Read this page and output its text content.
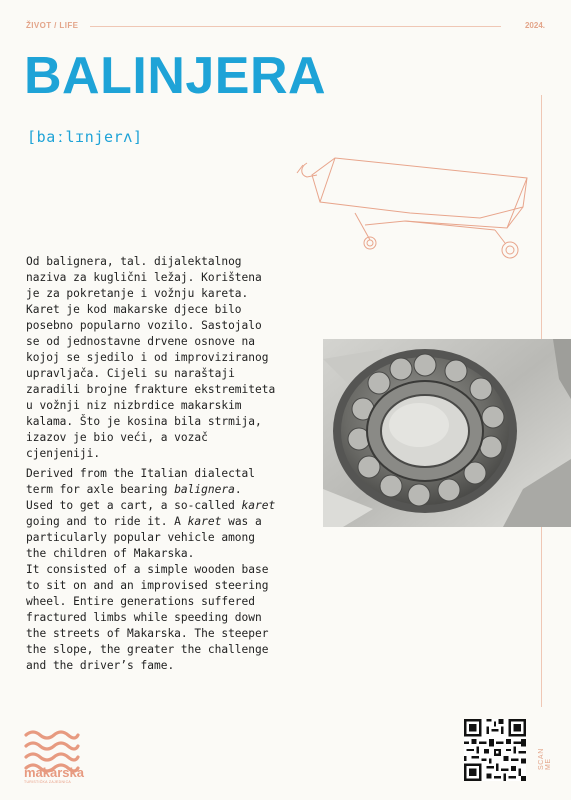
ŽIVOT / LIFE	2024.
BALINJERA
[baːlɪnjerʌ]

Od balignera, tal. dijalektalnog
naziva za kuglični ležaj. Korištena
je za pokretanje i vožnju kareta.
Karet je kod makarske djece bilo
posebno popularno vozilo. Sastojalo
se od jednostavne drvene osnove na
kojoj se sjedilo i od improviziranog
upravljača. Cijeli su naraštaji
zaradili brojne frakture ekstremiteta
u vožnji niz nizbrdice makarskim
kalama. Što je kosina bila strmija,
izazov je bio veći, a vozač
cjenjeniji.

Derived from the Italian dialectal
term for axle bearing balignera.
Used to get a cart, a so-called karet
going and to ride it. A karet was a
particularly popular vehicle among
the children of Makarska.
It consisted of a simple wooden base
to sit on and an improvised steering
wheel. Entire generations suffered
fractured limbs while speeding down
the streets of Makarska. The steeper
the slope, the greater the challenge
and the driver’s fame.

makarska
TURISTIČKA ZAJEDNICA
SCAN ME
